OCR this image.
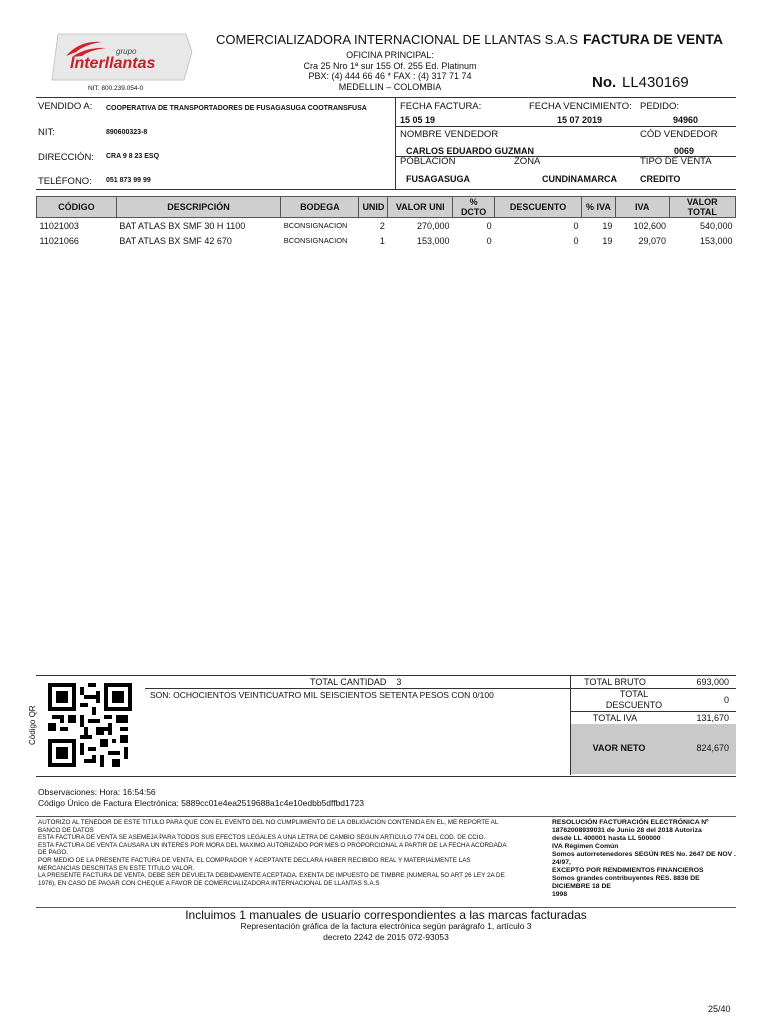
grupo
Interllantas
NIT. 800.239.054-0
COMERCIALIZADORA INTERNACIONAL DE LLANTAS S.A.S FACTURA DE VENTA
OFICINA PRINCIPAL:
Cra 25 Nro 1ª sur 155 Of. 255 Ed. Platinum
PBX: (4) 444 66 46 * FAX : (4) 317 71 74
MEDELLIN – COLOMBIA	No. LL430169
VENDIDO A: COOPERATIVA DE TRANSPORTADORES DE FUSAGASUGA COOTRANSFUSA
NIT:	890600323-8
DIRECCIÓN: CRA 9 8 23 ESQ
TELÉFONO: 051 873 99 99
FECHA FACTURA:	FECHA VENCIMIENTO: PEDIDO:
15 05 19	15 07 2019	94960
NOMBRE VENDEDOR	CÓD VENDEDOR
CARLOS EDUARDO GUZMAN	0069
POBLACION	ZONA	TIPO DE VENTA
FUSAGASUGA	CUNDINAMARCA	CREDITO
CÓDIGO	DESCRIPCIÓN	BODEGA	UNID	VALOR UNI	% DCTO	DESCUENTO	% IVA	IVA	VALOR TOTAL
11021003	BAT ATLAS BX SMF 30 H 1100	BCONSIGNACION	2	270,000	0	0	19	102,600	540,000
11021066	BAT ATLAS BX SMF 42 670	BCONSIGNACION	1	153,000	0	0	19	29,070	153,000
Código QR
TOTAL CANTIDAD 3
SON: OCHOCIENTOS VEINTICUATRO MIL SEISCIENTOS SETENTA PESOS CON 0/100
TOTAL BRUTO	693,000
TOTAL DESCUENTO	0
TOTAL IVA	131,670
VAOR NETO	824,670
Observaciones: Hora: 16:54:56
Código Único de Factura Electrónica: 5889cc01e4ea2519688a1c4e10edbb5dffbd1723
AUTORIZO AL TENEDOR DE ESTE TITULO PARA QUE CON EL EVENTO DEL NO CUMPLIMIENTO DE LA OBLIGACION CONTENIDA EN EL, ME REPORTE AL BANCO DE DATOS
ESTA FACTURA DE VENTA SE ASEMEJA PARA TODOS SUS EFECTOS LEGALES A UNA LETRA DE CAMBIO SEGUN ARTICULO 774 DEL COD. DE CCIO.
ESTA FACTURA DE VENTA CAUSARA UN INTERES POR MORA DEL MAXIMO AUTORIZADO POR MES O PROPORCIONAL A PARTIR DE LA FECHA ACORDADA DE PAGO.
POR MEDIO DE LA PRESENTE FACTURA DE VENTA, EL COMPRADOR Y ACEPTANTE DECLARA HABER RECIBIDO REAL Y MATERIALMENTE LAS MERCANCIAS DESCRITAS EN ESTE TITULO VALOR.
LA PRESENTE FACTURA DE VENTA, DEBE SER DEVUELTA DEBIDAMENTE ACEPTADA. EXENTA DE IMPUESTO DE TIMBRE (NUMERAL 5O ART 26 LEY 2A DE 1976), EN CASO DE PAGAR CON CHEQUE A FAVOR DE COMERCIALIZADORA INTERNACIONAL DE LLANTAS S.A.S
RESOLUCIÓN FACTURACIÓN ELECTRÓNICA Nº
18762008939031 de Junio 28 del 2018 Autoriza
desde LL 400001 hasta LL 500000
IVA Régimen Común
Somos autorretenedores SEGÚN RES No. 2647 DE NOV . 24/97,
EXCEPTO POR RENDIMIENTOS FINANCIEROS
Somos grandes contribuyentes RES. 8836 DE DICIEMBRE 18 DE
1998
Incluimos 1 manuales de usuario correspondientes a las marcas facturadas
Representación gráfica de la factura electrónica según parágrafo 1, artículo 3
decreto 2242 de 2015 072-93053
25/40
